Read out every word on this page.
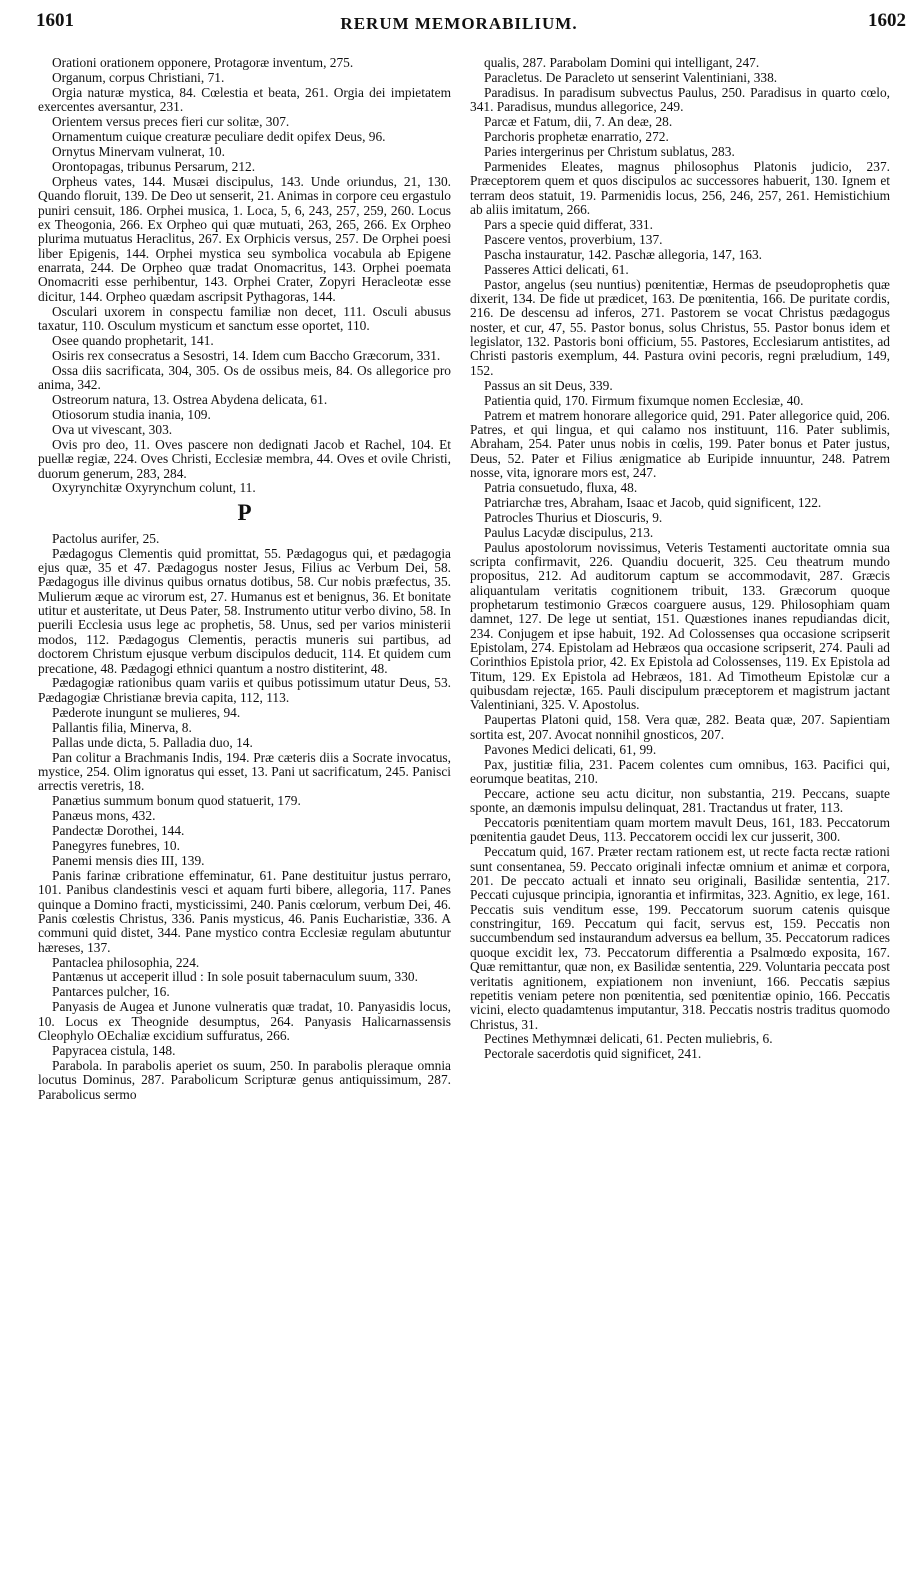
1601	RERUM MEMORABILIUM.	1602

Orationi orationem opponere, Protagoræ inventum, 275.

Organum, corpus Christiani, 71.

Orgia naturæ mystica, 84. Cœlestia et beata, 261. Orgia dei impietatem exercentes aversantur, 231.

Orientem versus preces fieri cur solitæ, 307.

Ornamentum cuique creaturæ peculiare dedit opifex Deus, 96.

Ornytus Minervam vulnerat, 10.

Orontopagas, tribunus Persarum, 212.

Orpheus vates, 144. Musæi discipulus, 143. Unde oriundus, 21, 130. Quando floruit, 139. De Deo ut senserit, 21. Animas in corpore ceu ergastulo puniri censuit, 186. Orphei musica, 1. Loca, 5, 6, 243, 257, 259, 260. Locus ex Theogonia, 266. Ex Orpheo qui quæ mutuati, 263, 265, 266. Ex Orpheo plurima mutuatus Heraclitus, 267. Ex Orphicis versus, 257. De Orphei poesi liber Epigenis, 144. Orphei mystica seu symbolica vocabula ab Epigene enarrata, 244. De Orpheo quæ tradat Onomacritus, 143. Orphei poemata Onomacriti esse perhibentur, 143. Orphei Crater, Zopyri Heracleotæ esse dicitur, 144. Orpheo quædam ascripsit Pythagoras, 144.

Osculari uxorem in conspectu familiæ non decet, 111. Osculi abusus taxatur, 110. Osculum mysticum et sanctum esse oportet, 110.

Osee quando prophetarit, 141.

Osiris rex consecratus a Sesostri, 14. Idem cum Baccho Græcorum, 331.

Ossa diis sacrificata, 304, 305. Os de ossibus meis, 84. Os allegorice pro anima, 342.

Ostreorum natura, 13. Ostrea Abydena delicata, 61.

Otiosorum studia inania, 109.

Ova ut vivescant, 303.

Ovis pro deo, 11. Oves pascere non dedignati Jacob et Rachel, 104. Et puellæ regiæ, 224. Oves Christi, Ecclesiæ membra, 44. Oves et ovile Christi, duorum generum, 283, 284.

Oxyrynchitæ Oxyrynchum colunt, 11.

P

Pactolus aurifer, 25.

Pædagogus Clementis quid promittat, 55. Pædagogus qui, et pædagogia ejus quæ, 35 et 47. Pædagogus noster Jesus, Filius ac Verbum Dei, 58. Pædagogus ille divinus quibus ornatus dotibus, 58. Cur nobis præfectus, 35. Mulierum æque ac virorum est, 27. Humanus est et benignus, 36. Et bonitate utitur et austeritate, ut Deus Pater, 58. Instrumento utitur verbo divino, 58. In puerili Ecclesia usus lege ac prophetis, 58. Unus, sed per varios ministerii modos, 112. Pædagogus Clementis, peractis muneris sui partibus, ad doctorem Christum ejusque verbum discipulos deducit, 114. Et quidem cum precatione, 48. Pædagogi ethnici quantum a nostro distiterint, 48.

Pædagogiæ rationibus quam variis et quibus potissimum utatur Deus, 53. Pædagogiæ Christianæ brevia capita, 112, 113.

Pæderote inungunt se mulieres, 94.

Pallantis filia, Minerva, 8.

Pallas unde dicta, 5. Palladia duo, 14.

Pan colitur a Brachmanis Indis, 194. Præ cæteris diis a Socrate invocatus, mystice, 254. Olim ignoratus qui esset, 13. Pani ut sacrificatum, 245. Panisci arrectis veretris, 18.

Panætius summum bonum quod statuerit, 179.

Panæus mons, 432.

Pandectæ Dorothei, 144.

Panegyres funebres, 10.

Panemi mensis dies III, 139.

Panis farinæ cribratione effeminatur, 61. Pane destituitur justus perraro, 101. Panibus clandestinis vesci et aquam furti bibere, allegoria, 117. Panes quinque a Domino fracti, mysticissimi, 240. Panis cœlorum, verbum Dei, 46. Panis cœlestis Christus, 336. Panis mysticus, 46. Panis Eucharistiæ, 336. A communi quid distet, 344. Pane mystico contra Ecclesiæ regulam abutuntur hæreses, 137.

Pantaclea philosophia, 224.

Pantænus ut acceperit illud : In sole posuit tabernaculum suum, 330.

Pantarces pulcher, 16.

Panyasis de Augea et Junone vulneratis quæ tradat, 10. Panyasidis locus, 10. Locus ex Theognide desumptus, 264. Panyasis Halicarnassensis Cleophylo OEchaliæ excidium suffuratus, 266.

Papyracea cistula, 148.

Parabola. In parabolis aperiet os suum, 250. In parabolis pleraque omnia locutus Dominus, 287. Parabolicum Scripturæ genus antiquissimum, 287. Parabolicus sermo

qualis, 287. Parabolam Domini qui intelligant, 247.

Paracletus. De Paracleto ut senserint Valentiniani, 338.

Paradisus. In paradisum subvectus Paulus, 250. Paradisus in quarto cœlo, 341. Paradisus, mundus allegorice, 249.

Parcæ et Fatum, dii, 7. An deæ, 28.

Parchoris prophetæ enarratio, 272.

Paries intergerinus per Christum sublatus, 283.

Parmenides Eleates, magnus philosophus Platonis judicio, 237. Præceptorem quem et quos discipulos ac successores habuerit, 130. Ignem et terram deos statuit, 19. Parmenidis locus, 256, 246, 257, 261. Hemistichium ab aliis imitatum, 266.

Pars a specie quid differat, 331.

Pascere ventos, proverbium, 137.

Pascha instauratur, 142. Paschæ allegoria, 147, 163.

Passeres Attici delicati, 61.

Pastor, angelus (seu nuntius) pœnitentiæ, Hermas de pseudoprophetis quæ dixerit, 134. De fide ut prædicet, 163. De pœnitentia, 166. De puritate cordis, 216. De descensu ad inferos, 271. Pastorem se vocat Christus pædagogus noster, et cur, 47, 55. Pastor bonus, solus Christus, 55. Pastor bonus idem et legislator, 132. Pastoris boni officium, 55. Pastores, Ecclesiarum antistites, ad Christi pastoris exemplum, 44. Pastura ovini pecoris, regni præludium, 149, 152.

Passus an sit Deus, 339.

Patientia quid, 170. Firmum fixumque nomen Ecclesiæ, 40.

Patrem et matrem honorare allegorice quid, 291. Pater allegorice quid, 206. Patres, et qui lingua, et qui calamo nos instituunt, 116. Pater sublimis, Abraham, 254. Pater unus nobis in cœlis, 199. Pater bonus et Pater justus, Deus, 52. Pater et Filius ænigmatice ab Euripide innuuntur, 248. Patrem nosse, vita, ignorare mors est, 247.

Patria consuetudo, fluxa, 48.

Patriarchæ tres, Abraham, Isaac et Jacob, quid significent, 122.

Patrocles Thurius et Dioscuris, 9.

Paulus Lacydæ discipulus, 213.

Paulus apostolorum novissimus, Veteris Testamenti auctoritate omnia sua scripta confirmavit, 226. Quandiu docuerit, 325. Ceu theatrum mundo propositus, 212. Ad auditorum captum se accommodavit, 287. Græcis aliquantulam veritatis cognitionem tribuit, 133. Græcorum quoque prophetarum testimonio Græcos coarguere ausus, 129. Philosophiam quam damnet, 127. De lege ut sentiat, 151. Quæstiones inanes repudiandas dicit, 234. Conjugem et ipse habuit, 192. Ad Colossenses qua occasione scripserit Epistolam, 274. Epistolam ad Hebræos qua occasione scripserit, 274. Pauli ad Corinthios Epistola prior, 42. Ex Epistola ad Colossenses, 119. Ex Epistola ad Titum, 129. Ex Epistola ad Hebræos, 181. Ad Timotheum Epistolæ cur a quibusdam rejectæ, 165. Pauli discipulum præceptorem et magistrum jactant Valentiniani, 325. V. Apostolus.

Paupertas Platoni quid, 158. Vera quæ, 282. Beata quæ, 207. Sapientiam sortita est, 207. Avocat nonnihil gnosticos, 207.

Pavones Medici delicati, 61, 99.

Pax, justitiæ filia, 231. Pacem colentes cum omnibus, 163. Pacifici qui, eorumque beatitas, 210.

Peccare, actione seu actu dicitur, non substantia, 219. Peccans, suapte sponte, an dæmonis impulsu delinquat, 281. Tractandus ut frater, 113.

Peccatoris pœnitentiam quam mortem mavult Deus, 161, 183. Peccatorum pœnitentia gaudet Deus, 113. Peccatorem occidi lex cur jusserit, 300.

Peccatum quid, 167. Præter rectam rationem est, ut recte facta rectæ rationi sunt consentanea, 59. Peccato originali infectæ omnium et animæ et corpora, 201. De peccato actuali et innato seu originali, Basilidæ sententia, 217. Peccati cujusque principia, ignorantia et infirmitas, 323. Agnitio, ex lege, 161. Peccatis suis venditum esse, 199. Peccatorum suorum catenis quisque constringitur, 169. Peccatum qui facit, servus est, 159. Peccatis non succumbendum sed instaurandum adversus ea bellum, 35. Peccatorum radices quoque excidit lex, 73. Peccatorum differentia a Psalmœdo exposita, 167. Quæ remittantur, quæ non, ex Basilidæ sententia, 229. Voluntaria peccata post veritatis agnitionem, expiationem non inveniunt, 166. Peccatis sæpius repetitis veniam petere non pœnitentia, sed pœnitentiæ opinio, 166. Peccatis vicini, electo quadamtenus imputantur, 318. Peccatis nostris traditus quomodo Christus, 31.

Pectines Methymnæi delicati, 61. Pecten muliebris, 6.

Pectorale sacerdotis quid significet, 241.
